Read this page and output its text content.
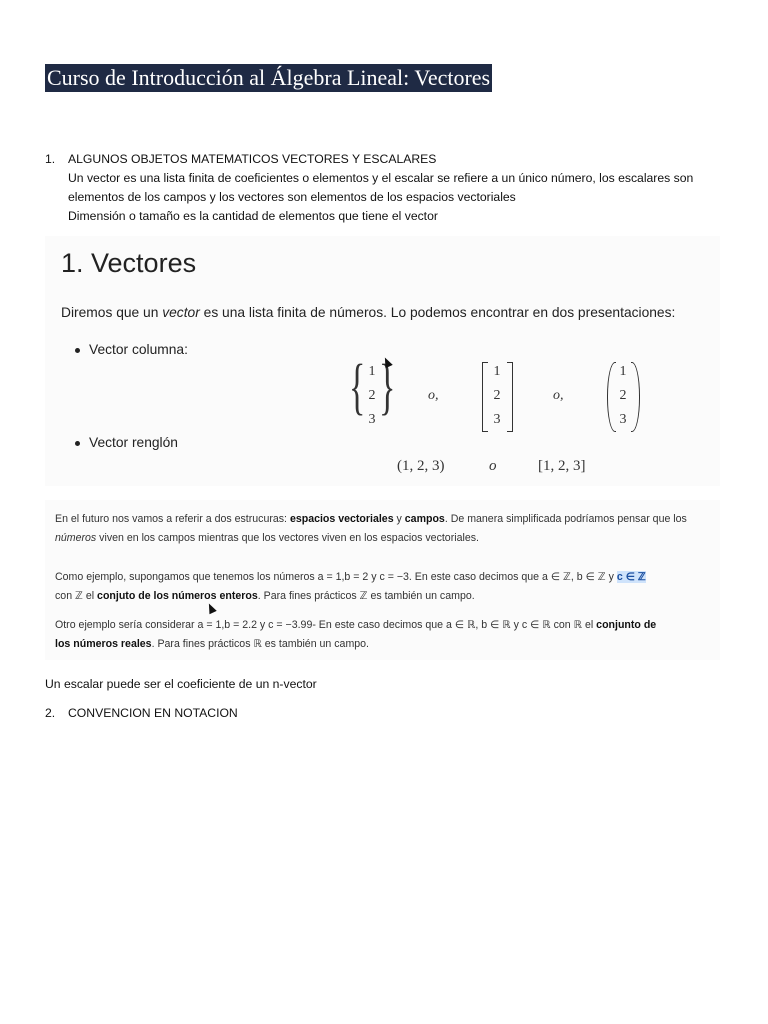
Curso de Introducción al Álgebra Lineal: Vectores
1. ALGUNOS OBJETOS MATEMATICOS VECTORES Y ESCALARES
Un vector es una lista finita de coeficientes o elementos y el escalar se refiere a un único número, los escalares son
elementos de los campos y los vectores son elementos de los espacios vectoriales
Dimensión o tamaño es la cantidad de elementos que tiene el vector
1. Vectores
Diremos que un vector es una lista finita de números. Lo podemos encontrar en dos presentaciones:
Vector columna:
{ 1
2
3 } o,
1
2
3
o,
1
2
3
Vector renglón
(1, 2, 3)	o	[1, 2, 3]
En el futuro nos vamos a referir a dos estrucuras: espacios vectoriales y campos. De manera simplificada podríamos pensar que los
números viven en los campos mientras que los vectores viven en los espacios vectoriales.
Como ejemplo, supongamos que tenemos los números a = 1,b = 2 y c = −3. En este caso decimos que a ∈ ℤ, b ∈ ℤ y c ∈ ℤ
con ℤ el conjuto de los números enteros. Para fines prácticos ℤ es también un campo.
Otro ejemplo sería considerar a = 1,b = 2.2 y c = −3.99- En este caso decimos que a ∈ ℝ, b ∈ ℝ y c ∈ ℝ con ℝ el conjunto de
los números reales. Para fines prácticos ℝ es también un campo.
Un escalar puede ser el coeficiente de un n-vector
2. CONVENCION EN NOTACION
